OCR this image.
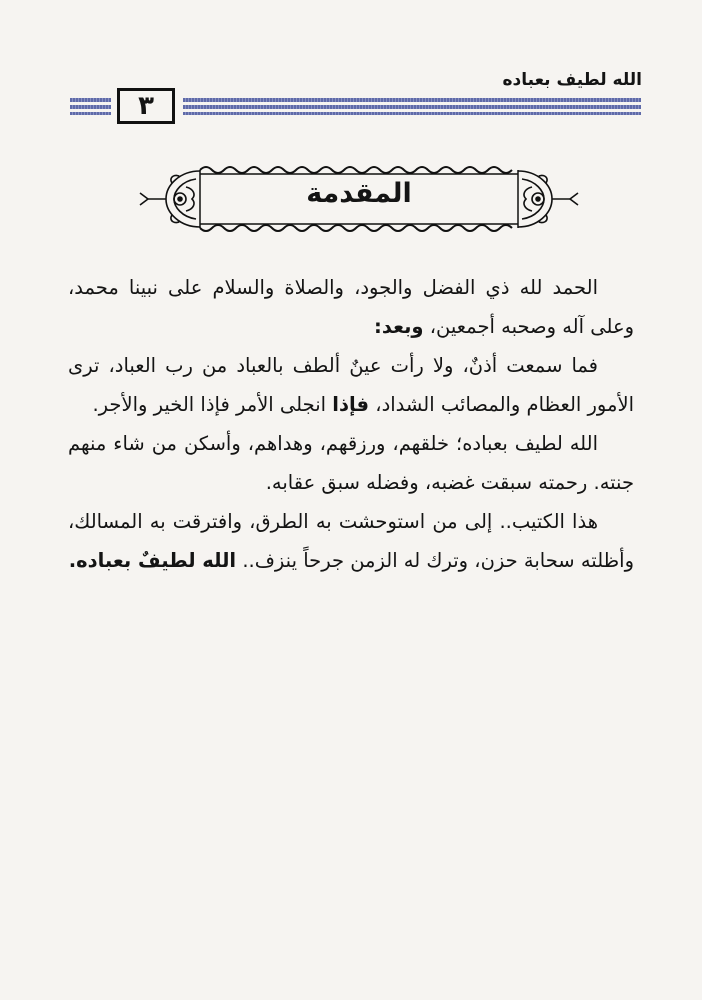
الله لطيف بعباده
٣
المقدمة

الحمد لله ذي الفضل والجود، والصلاة والسلام على نبينا محمد، وعلى آله وصحبه أجمعين، وبعد:

فما سمعت أذنٌ، ولا رأت عينٌ ألطف بالعباد من رب العباد، ترى الأمور العظام والمصائب الشداد، فإذا انجلى الأمر فإذا الخير والأجر.

الله لطيف بعباده؛ خلقهم، ورزقهم، وهداهم، وأسكن من شاء منهم جنته. رحمته سبقت غضبه، وفضله سبق عقابه.

هذا الكتيب.. إلى من استوحشت به الطرق، وافترقت به المسالك، وأظلته سحابة حزن، وترك له الزمن جرحاً ينزف.. الله لطيفٌ بعباده.
